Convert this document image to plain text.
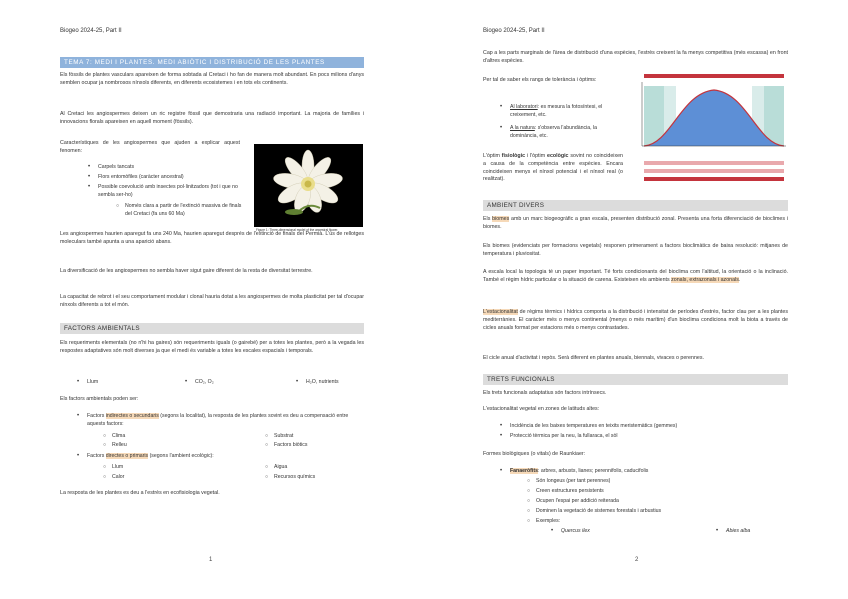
Biogeo 2024-25, Part II
TEMA 7: MEDI I PLANTES. MEDI ABIÒTIC I DISTRIBUCIÓ DE LES PLANTES
Els fòssils de plantes vasculars apareixen de forma sobtada al Cretaci i ho fan de manera molt abundant. En pocs milions d'anys semblen ocupar ja nombrosos nínxols diferents, en diferents ecosistemes i en tots els continents.
Al Cretaci les angiospermes deixen un ric registre fòssil que demostraria una radiació important. La majoria de famílies i innovacions florals apareixen en aquell moment (fòssils).
Característiques de les angiospermes que ajuden a explicar aquest fenomen:
• Carpels tancats
• Flors entomòfiles (caràcter ancestral)
• Possible coevolució amb insectes pol·linitzadors (tot i que no sembla ser-ho)
○ Només clara a partir de l'extinció massiva de finals del Cretaci (fa uns 60 Ma)
Figure 1: Three-dimensional model of the ancestral flower.
Les angiospermes haurien aparegut fa uns 240 Ma, haurien aparegut després de l'extinció de finals del Permià. L'ús de rellotges moleculars també apunta a una aparició abans.
La diversificació de les angiospermes no sembla haver sigut gaire diferent de la resta de diversitat terrestre.
La capacitat de rebrot i el seu comportament modular i clonal hauria dotat a les angiospermes de molta plasticitat per tal d'ocupar nínxols diferents a tot el món.
FACTORS AMBIENTALS
Els requeriments elementals (no n'hi ha gaires) són requeriments iguals (o gairebé) per a totes les plantes, però a la vegada les respostes adaptatives són molt diverses ja que el medi és variable a totes les escales espacials i temporals.
• Llum	• CO₂, O₂	• H₂O, nutrients
Els factors ambientals poden ser:
• Factors indirectes o secundaris (segons la localitat), la resposta de les plantes sovint es deu a compensació entre aquests factors:
○ Clima
○ Relleu
○ Substrat
○ Factors biòtics
• Factors directes o primaris (segons l'ambient ecològic):
○ Llum
○ Calor
○ Aigua
○ Recursos químics
La resposta de les plantes es deu a l'estrès en ecofisiologia vegetal.
1
Biogeo 2024-25, Part II
Cap a les parts marginals de l'àrea de distribució d'una espècies, l'estrès creixent la fa menys competitiva (més escassa) en front d'altres espècies.
Per tal de saber els rangs de tolerància i òptims:
• Al laboratori: es mesura la fotosíntesi, el creixement, etc.
• A la natura: s'observa l'abundància, la dominància, etc.
L'òptim fisiològic i l'òptim ecològic sovint no coincideixen a causa de la competència entre espècies. Encara coincideixen menys el nínxol potencial i el nínxol real (o realitzat).
AMBIENT DIVERS
Els biomes amb un marc biogeogràfic a gran escala, presenten distribució zonal. Presenta una forta diferenciació de bioclimes i biomes.
Els biomes (evidenciats per formacions vegetals) responen primerament a factors bioclimàtics de baixa resolució: mitjanes de temperatura i pluviositat.
A escala local la topologia té un paper important. Té forts condicionants del bioclima com l'altitud, la orientació o la inclinació. També el règim hídric particular o la situació de carena. Existeixen els ambients zonals, extrazonals i azonals.
L'estacionalitat de règims tèrmics i hídrics comporta a la distribució i intensitat de períodes d'estrès, factor clau per a les plantes mediterrànies. El caràcter més o menys continental (menys o més marítim) d'un bioclima condiciona molt la biota a través de cicles anuals format per estacions més o menys contrastades.
El cicle anual d'activitat i repòs. Serà diferent en plantes anuals, biennals, vivaces o perennes.
TRETS FUNCIONALS
Els trets funcionals adaptatius són factors intrínsecs.
L'estacionalitat vegetal en zones de latituds altes:
• Incidència de les baixes temperatures en teixits meristemàtics (gemmes)
• Protecció tèrmica per la neu, la fullaraca, el sòl
Formes biològiques (o vitals) de Raunkiaer:
• Fanaeròfits: arbres, arbusts, lianes; perennifolis, caducifolis
○ Són longeus (per tant perennes)
○ Creen estructures persistents
○ Ocupen l'espai per addició reiterada
○ Dominen la vegetació de sistemes forestals i arbustius
○ Exemples:
• Quercus ilex	• Abies alba
2
